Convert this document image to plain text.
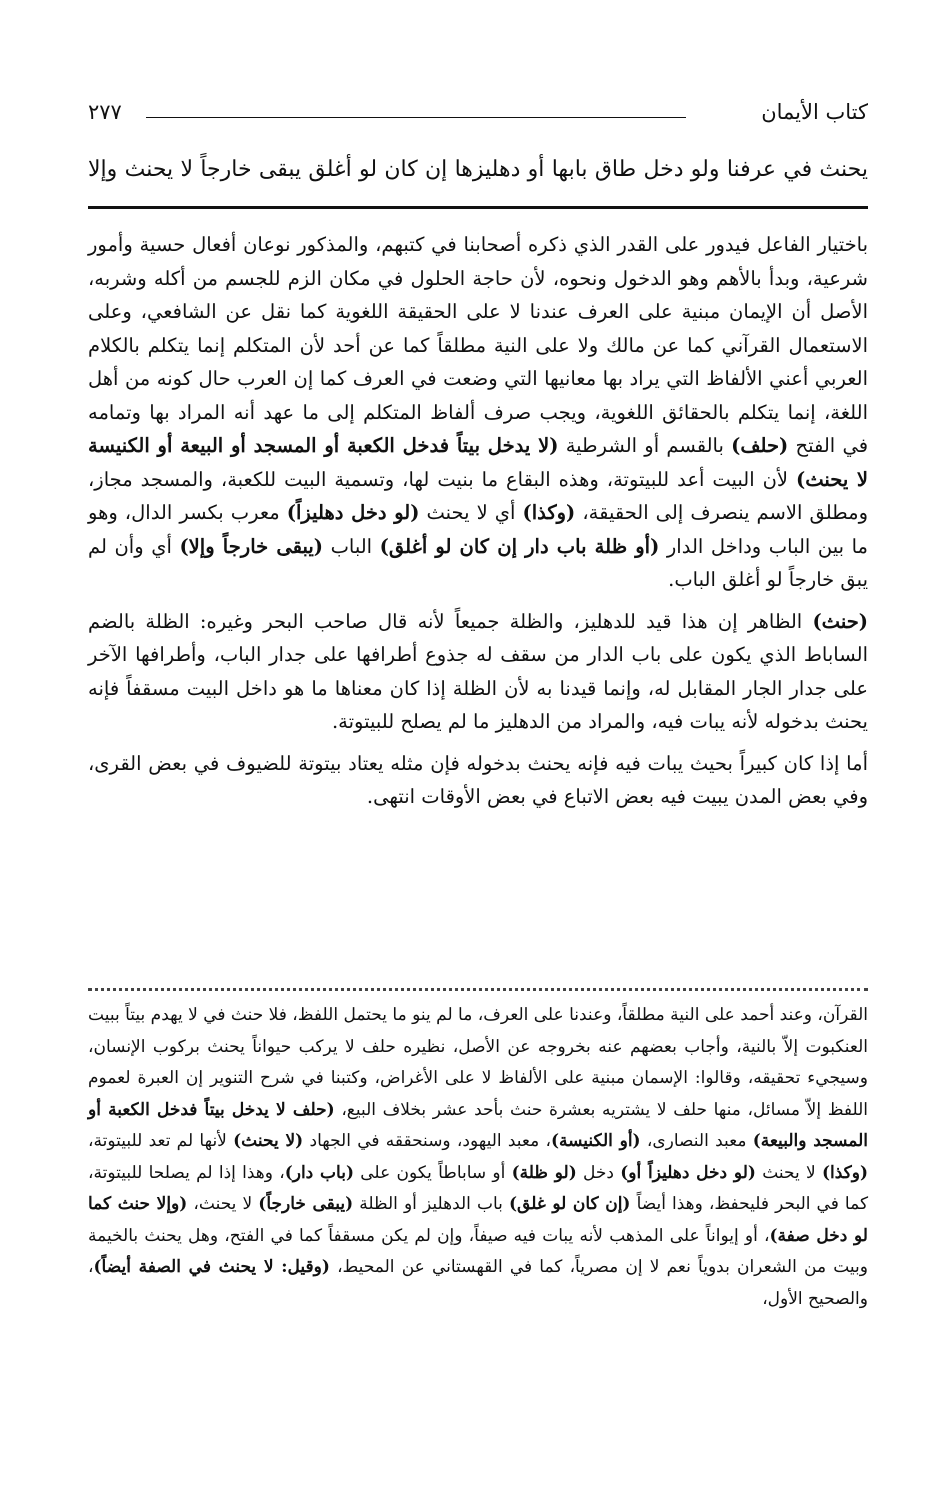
كتاب الأيمان
٢٧٧
يحنث في عرفنا ولو دخل طاق بابها أو دهليزها إن كان لو أغلق يبقى خارجاً لا يحنث وإلا

باختيار الفاعل فيدور على القدر الذي ذكره أصحابنا في كتبهم، والمذكور نوعان أفعال حسية وأمور شرعية، وبدأ بالأهم وهو الدخول ونحوه، لأن حاجة الحلول في مكان الزم للجسم من أكله وشربه، الأصل أن الإيمان مبنية على العرف عندنا لا على الحقيقة اللغوية كما نقل عن الشافعي، وعلى الاستعمال القرآني كما عن مالك ولا على النية مطلقاً كما عن أحد لأن المتكلم إنما يتكلم بالكلام العربي أعني الألفاظ التي يراد بها معانيها التي وضعت في العرف كما إن العرب حال كونه من أهل اللغة، إنما يتكلم بالحقائق اللغوية، ويجب صرف ألفاظ المتكلم إلى ما عهد أنه المراد بها وتمامه في الفتح (حلف) بالقسم أو الشرطية (لا يدخل بيتاً فدخل الكعبة أو المسجد أو البيعة أو الكنيسة لا يحنث) لأن البيت أعد للبيتوتة، وهذه البقاع ما بنيت لها، وتسمية البيت للكعبة، والمسجد مجاز، ومطلق الاسم ينصرف إلى الحقيقة، (وكذا) أي لا يحنث (لو دخل دهليزاً) معرب بكسر الدال، وهو ما بين الباب وداخل الدار (أو ظلة باب دار إن كان لو أغلق) الباب (يبقى خارجاً وإلا) أي وأن لم يبق خارجاً لو أغلق الباب.

(حنث) الظاهر إن هذا قيد للدهليز، والظلة جميعاً لأنه قال صاحب البحر وغيره: الظلة بالضم الساباط الذي يكون على باب الدار من سقف له جذوع أطرافها على جدار الباب، وأطرافها الآخر على جدار الجار المقابل له، وإنما قيدنا به لأن الظلة إذا كان معناها ما هو داخل البيت مسقفاً فإنه يحنث بدخوله لأنه يبات فيه، والمراد من الدهليز ما لم يصلح للبيتوتة.

أما إذا كان كبيراً بحيث يبات فيه فإنه يحنث بدخوله فإن مثله يعتاد بيتوتة للضيوف في بعض القرى، وفي بعض المدن يبيت فيه بعض الاتباع في بعض الأوقات انتهى.

القرآن، وعند أحمد على النية مطلقاً، وعندنا على العرف، ما لم ينو ما يحتمل اللفظ، فلا حنث في لا يهدم بيتاً ببيت العنكبوت إلاّ بالنية، وأجاب بعضهم عنه بخروجه عن الأصل، نظيره حلف لا يركب حيواناً يحنث بركوب الإنسان، وسيجيء تحقيقه، وقالوا: الإسمان مبنية على الألفاظ لا على الأغراض، وكتبنا في شرح التنوير إن العبرة لعموم اللفظ إلاّ مسائل، منها حلف لا يشتريه بعشرة حنث بأحد عشر بخلاف البيع، (حلف لا يدخل بيتاً فدخل الكعبة أو المسجد والبيعة) معبد النصارى، (أو الكنيسة)، معبد اليهود، وسنحققه في الجهاد (لا يحنث) لأنها لم تعد للبيتوتة، (وكذا) لا يحنث (لو دخل دهليزاً أو) دخل (لو ظلة) أو ساباطاً يكون على (باب دار)، وهذا إذا لم يصلحا للبيتوتة، كما في البحر فليحفظ، وهذا أيضاً (إن كان لو غلق) باب الدهليز أو الظلة (يبقى خارجاً) لا يحنث، (وإلا حنث كما لو دخل صفة)، أو إيواناً على المذهب لأنه يبات فيه صيفاً، وإن لم يكن مسقفاً كما في الفتح، وهل يحنث بالخيمة وبيت من الشعران بدوياً نعم لا إن مصرياً، كما في القهستاني عن المحيط، (وقيل: لا يحنث في الصفة أيضاً)، والصحيح الأول،
